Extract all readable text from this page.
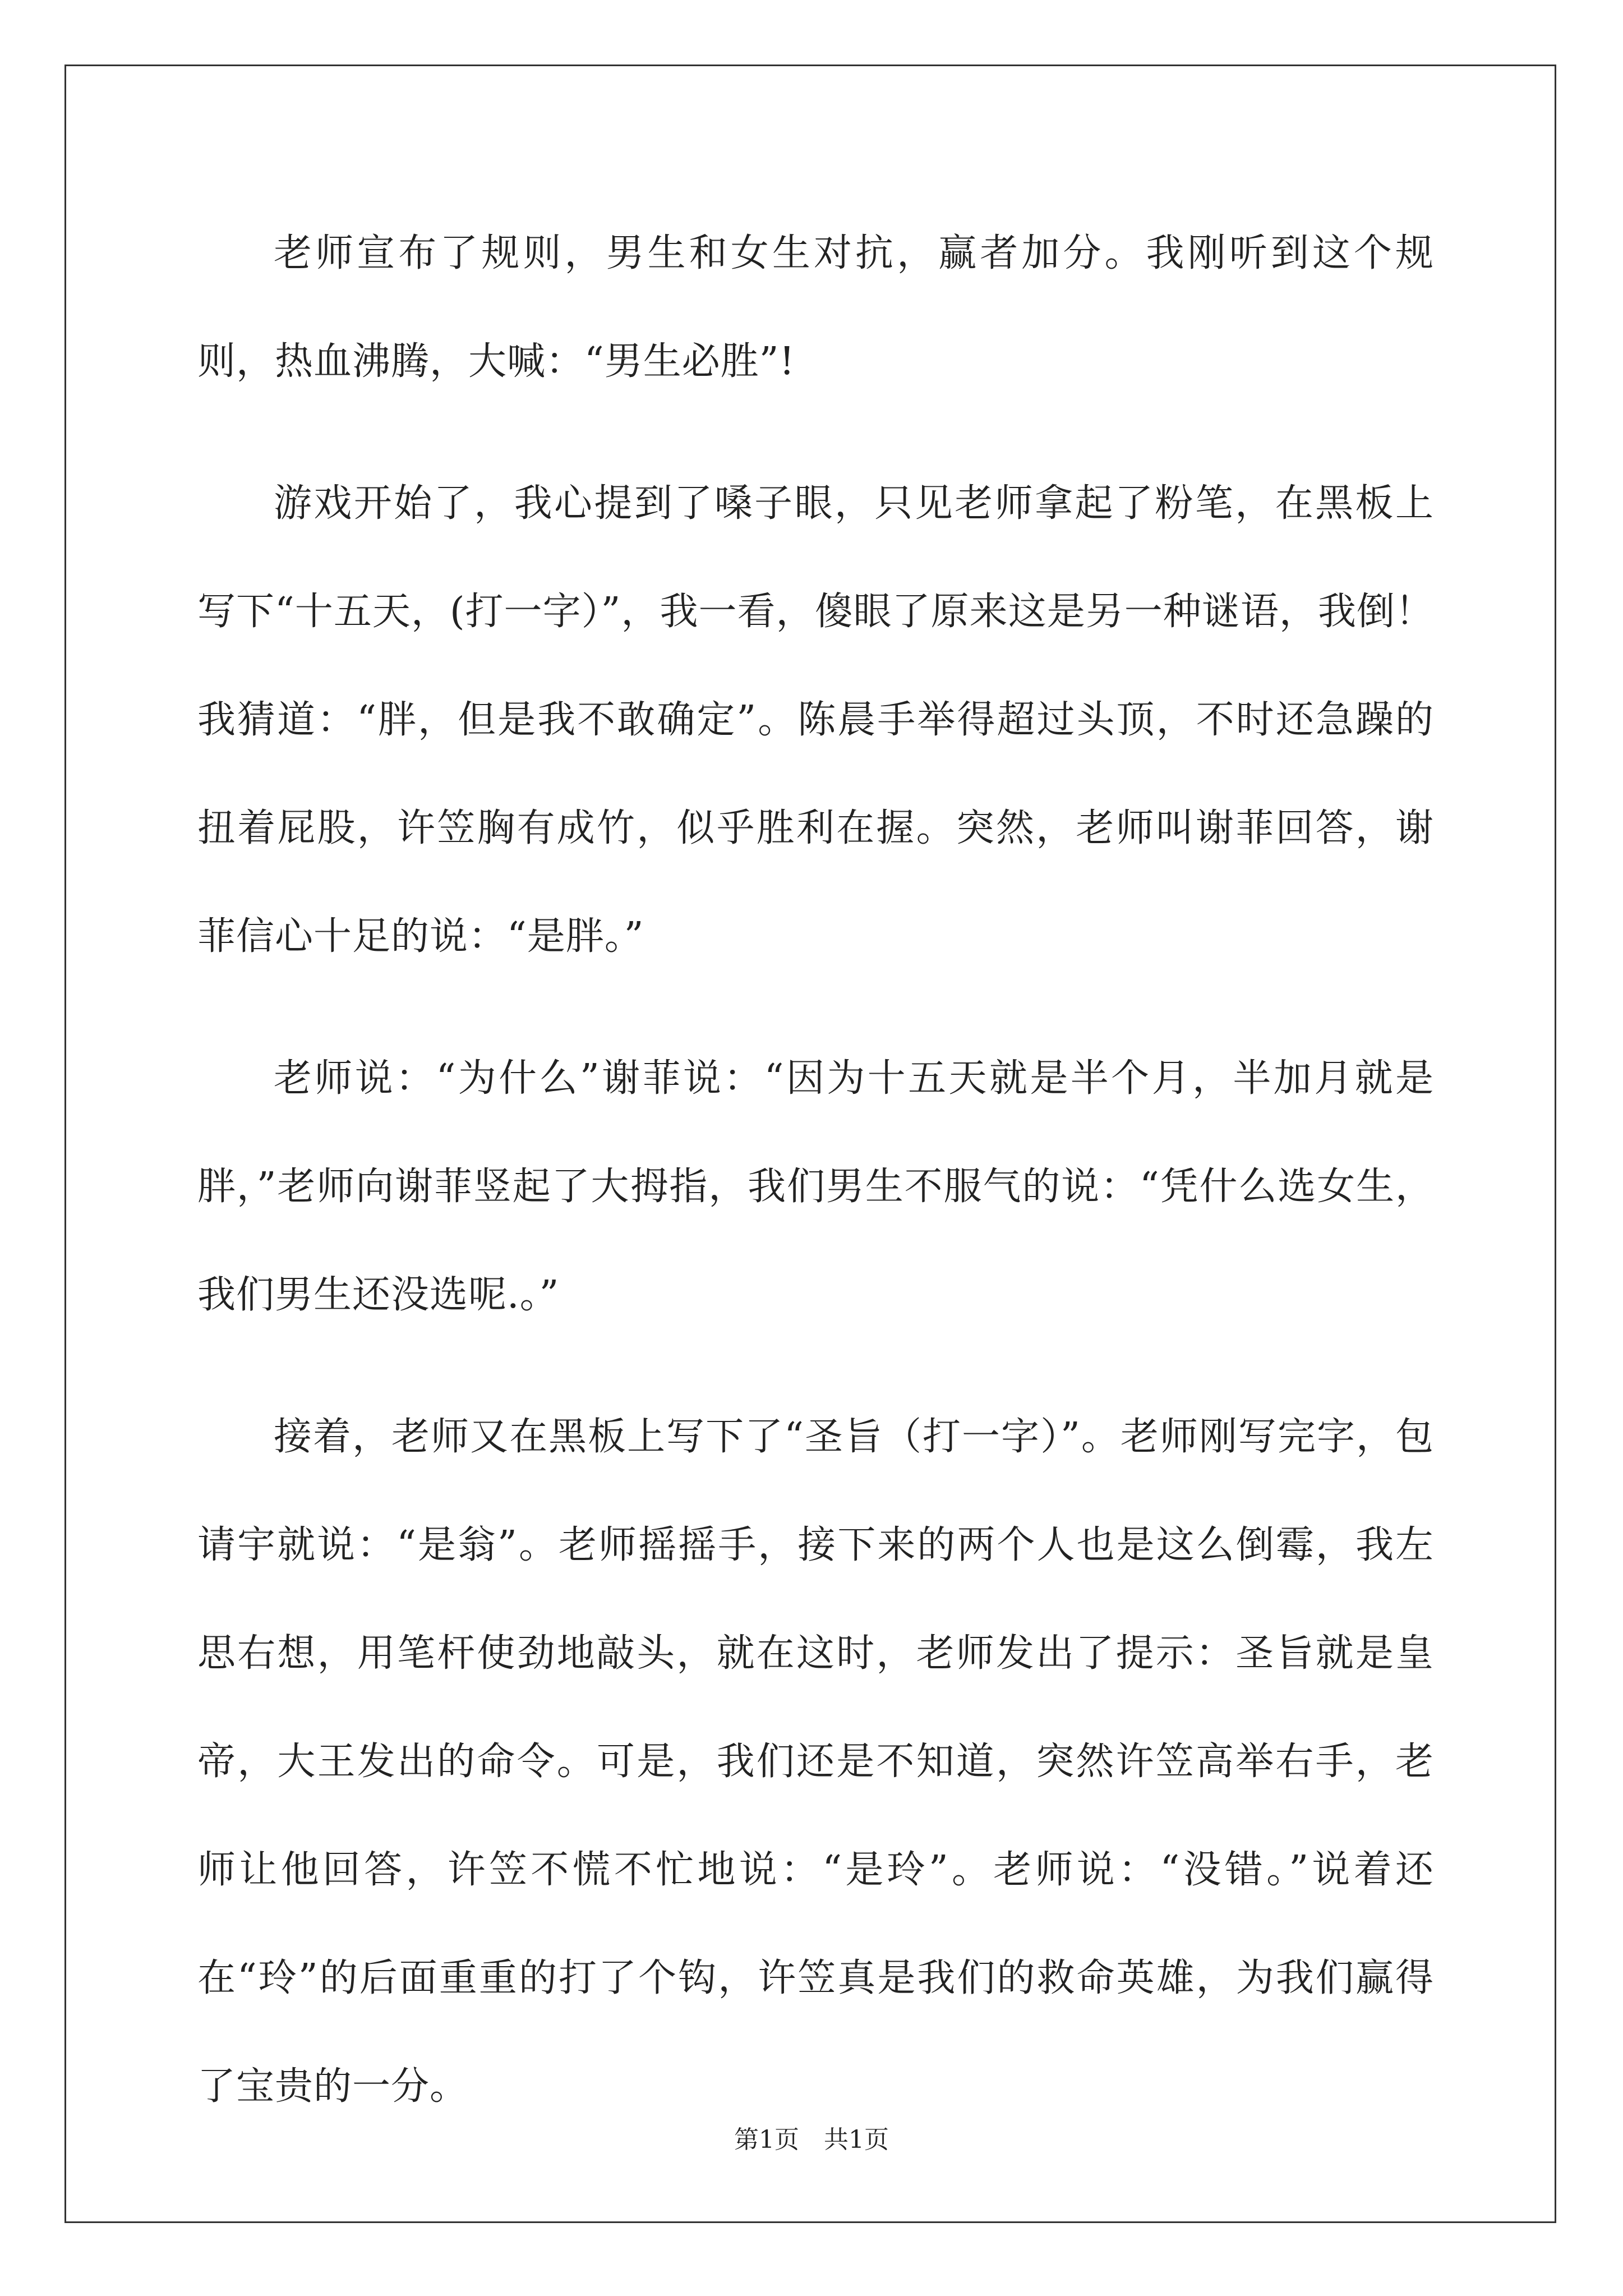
老师宣布了规则，男生和女生对抗，赢者加分。我刚听到这个规则，热血沸腾，大喊：“男生必胜”!

游戏开始了，我心提到了嗓子眼，只见老师拿起了粉笔，在黑板上写下“十五天，(打一字）”，我一看，傻眼了原来这是另一种谜语，我倒！我猜道：“胖，但是我不敢确定”。陈晨手举得超过头顶，不时还急躁的扭着屁股，许笠胸有成竹，似乎胜利在握。突然，老师叫谢菲回答，谢菲信心十足的说：“是胖。”

老师说：“为什么”谢菲说：“因为十五天就是半个月，半加月就是胖，”老师向谢菲竖起了大拇指，我们男生不服气的说：“凭什么选女生，我们男生还没选呢.。”

接着，老师又在黑板上写下了“圣旨（打一字）”。老师刚写完字，包请宇就说：“是翁”。老师摇摇手，接下来的两个人也是这么倒霉，我左思右想，用笔杆使劲地敲头，就在这时，老师发出了提示：圣旨就是皇帝，大王发出的命令。可是，我们还是不知道，突然许笠高举右手，老师让他回答，许笠不慌不忙地说：“是玲”。老师说：“没错。”说着还在“玲”的后面重重的打了个钩，许笠真是我们的救命英雄，为我们赢得了宝贵的一分。

第1页　共1页
